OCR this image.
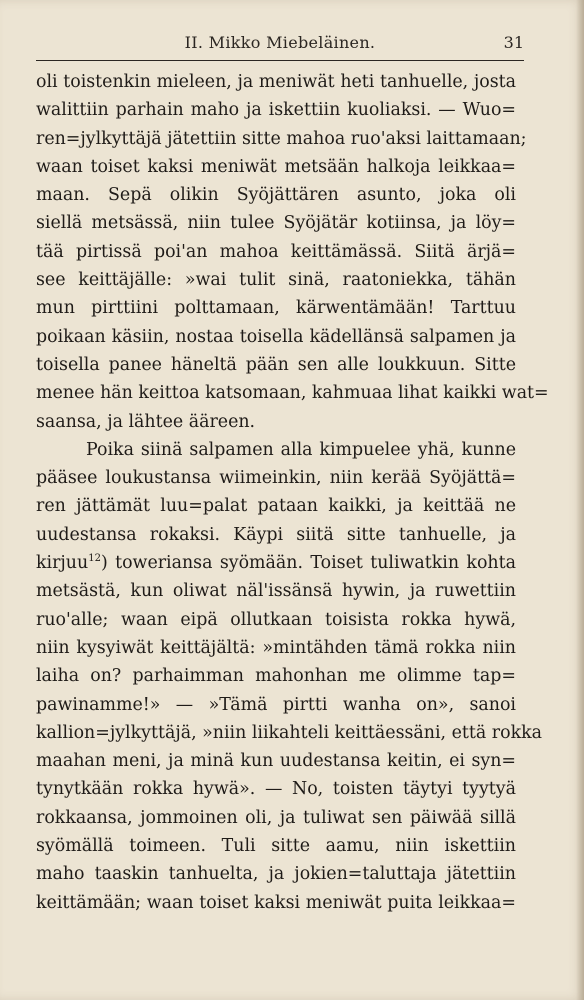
II. Mikko Miebeläinen.	31
oli toistenkin mieleen, ja meniwät heti tanhuelle, josta
walittiin parhain maho ja iskettiin kuoliaksi. — Wuo=
ren=jylkyttäjä jätettiin sitte mahoa ruo'aksi laittamaan;
waan toiset kaksi meniwät metsään halkoja leikkaa=
maan. Sepä olikin Syöjättären asunto, joka oli
siellä metsässä, niin tulee Syöjätär kotiinsa, ja löy=
tää pirtissä poi'an mahoa keittämässä. Siitä ärjä=
see keittäjälle: »wai tulit sinä, raatoniekka, tähän
mun pirttiini polttamaan, kärwentämään! Tarttuu
poikaan käsiin, nostaa toisella kädellänsä salpamen ja
toisella panee häneltä pään sen alle loukkuun. Sitte
menee hän keittoa katsomaan, kahmuaa lihat kaikki wat=
saansa, ja lähtee ääreen.
Poika siinä salpamen alla kimpuelee yhä, kunne
pääsee loukustansa wiimeinkin, niin kerää Syöjättä=
ren jättämät luu=palat pataan kaikki, ja keittää ne
uudestansa rokaksi. Käypi siitä sitte tanhuelle, ja
kirjuu$^{12}$) toweriansa syömään. Toiset tuliwatkin kohta
metsästä, kun oliwat näl'issänsä hywin, ja ruwettiin
ruo'alle; waan eipä ollutkaan toisista rokka hywä,
niin kysyiwät keittäjältä: »mintähden tämä rokka niin
laiha on? parhaimman mahonhan me olimme tap=
pawinamme!» — »Tämä pirtti wanha on», sanoi
kallion=jylkyttäjä, »niin liikahteli keittäessäni, että rokka
maahan meni, ja minä kun uudestansa keitin, ei syn=
tynytkään rokka hywä». — No, toisten täytyi tyytyä
rokkaansa, jommoinen oli, ja tuliwat sen päiwää sillä
syömällä toimeen. Tuli sitte aamu, niin iskettiin
maho taaskin tanhuelta, ja jokien=taluttaja jätettiin
keittämään; waan toiset kaksi meniwät puita leikkaa=
